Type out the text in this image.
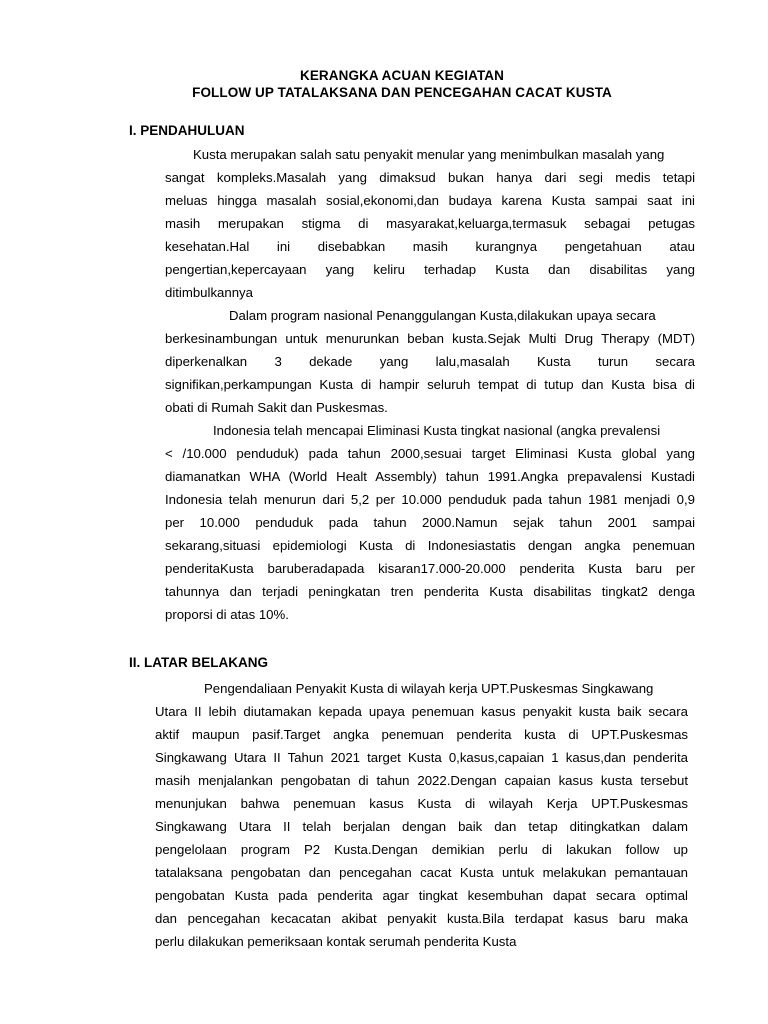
KERANGKA ACUAN KEGIATAN
FOLLOW UP TATALAKSANA DAN PENCEGAHAN CACAT KUSTA
I. PENDAHULUAN
Kusta merupakan salah satu penyakit menular yang menimbulkan masalah yang
sangat kompleks.Masalah yang dimaksud bukan hanya dari segi medis tetapi
meluas hingga masalah sosial,ekonomi,dan budaya karena Kusta sampai saat ini
masih merupakan stigma di masyarakat,keluarga,termasuk sebagai petugas
kesehatan.Hal ini disebabkan masih kurangnya pengetahuan atau
pengertian,kepercayaan yang keliru terhadap Kusta dan disabilitas yang
ditimbulkannya
Dalam program nasional Penanggulangan Kusta,dilakukan upaya secara
berkesinambungan untuk menurunkan beban kusta.Sejak Multi Drug Therapy (MDT)
diperkenalkan 3 dekade yang lalu,masalah Kusta turun secara
signifikan,perkampungan Kusta di hampir seluruh tempat di tutup dan Kusta bisa di
obati di Rumah Sakit dan Puskesmas.
Indonesia telah mencapai Eliminasi Kusta tingkat nasional (angka prevalensi
< /10.000 penduduk) pada tahun 2000,sesuai target Eliminasi Kusta global yang
diamanatkan WHA (World Healt Assembly) tahun 1991.Angka prepavalensi Kustadi
Indonesia telah menurun dari 5,2 per 10.000 penduduk pada tahun 1981 menjadi 0,9
per 10.000 penduduk pada tahun 2000.Namun sejak tahun 2001 sampai
sekarang,situasi epidemiologi Kusta di Indonesiastatis dengan angka penemuan
penderitaKusta baruberadapada kisaran17.000-20.000 penderita Kusta baru per
tahunnya dan terjadi peningkatan tren penderita Kusta disabilitas tingkat2 denga
proporsi di atas 10%.
II. LATAR BELAKANG
Pengendaliaan Penyakit Kusta di wilayah kerja UPT.Puskesmas Singkawang
Utara II lebih diutamakan kepada upaya penemuan kasus penyakit kusta baik secara
aktif maupun pasif.Target angka penemuan penderita kusta di UPT.Puskesmas
Singkawang Utara II Tahun 2021 target Kusta 0,kasus,capaian 1 kasus,dan penderita
masih menjalankan pengobatan di tahun 2022.Dengan capaian kasus kusta tersebut
menunjukan bahwa penemuan kasus Kusta di wilayah Kerja UPT.Puskesmas
Singkawang Utara II telah berjalan dengan baik dan tetap ditingkatkan dalam
pengelolaan program P2 Kusta.Dengan demikian perlu di lakukan follow up
tatalaksana pengobatan dan pencegahan cacat Kusta untuk melakukan pemantauan
pengobatan Kusta pada penderita agar tingkat kesembuhan dapat secara optimal
dan pencegahan kecacatan akibat penyakit kusta.Bila terdapat kasus baru maka
perlu dilakukan pemeriksaan kontak serumah penderita Kusta
